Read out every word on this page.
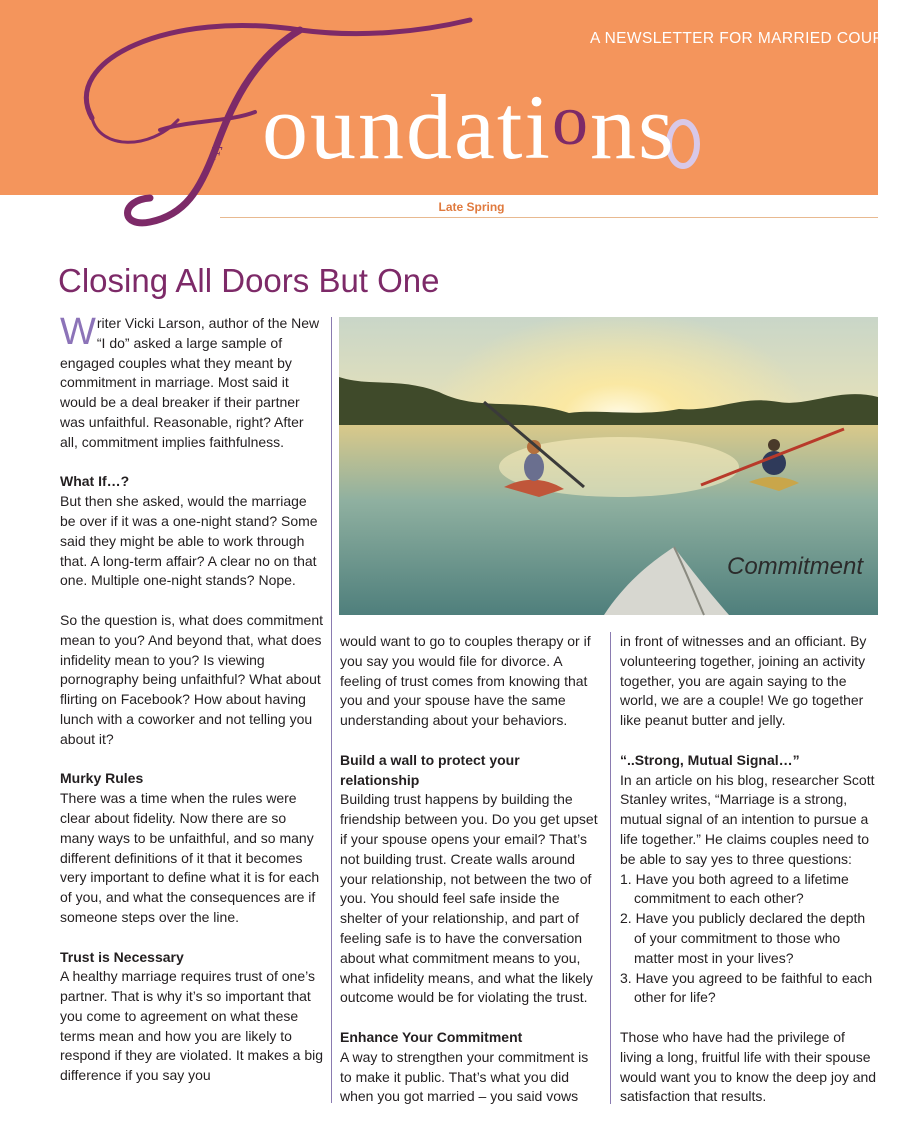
A NEWSLETTER FOR MARRIED COUPLES
F oundations
Late Spring
Closing All Doors But One

Writer Vicki Larson, author of the New “I do” asked a large sample of engaged couples what they meant by commitment in marriage. Most said it would be a deal breaker if their partner was unfaithful. Reasonable, right? After all, commitment implies faithfulness.

What If…?

But then she asked, would the marriage be over if it was a one-night stand? Some said they might be able to work through that. A long-term affair? A clear no on that one. Multiple one-night stands? Nope.

So the question is, what does commitment mean to you? And beyond that, what does infidelity mean to you? Is viewing pornography being unfaithful? What about flirting on Facebook? How about having lunch with a coworker and not telling you about it?

Murky Rules

There was a time when the rules were clear about fidelity. Now there are so many ways to be unfaithful, and so many different definitions of it that it becomes very important to define what it is for each of you, and what the consequences are if someone steps over the line.

Trust is Necessary

A healthy marriage requires trust of one’s partner. That is why it’s so important that you come to agreement on what these terms mean and how you are likely to respond if they are violated. It makes a big difference if you say you

Commitment

would want to go to couples therapy or if you say you would file for divorce. A feeling of trust comes from knowing that you and your spouse have the same understanding about your behaviors.

Build a wall to protect your relationship

Building trust happens by building the friendship between you. Do you get upset if your spouse opens your email? That’s not building trust. Create walls around your relationship, not between the two of you. You should feel safe inside the shelter of your relationship, and part of feeling safe is to have the conversation about what commitment means to you, what infidelity means, and what the likely outcome would be for violating the trust.

Enhance Your Commitment

A way to strengthen your commitment is to make it public. That’s what you did when you got married – you said vows

in front of witnesses and an officiant. By volunteering together, joining an activity together, you are again saying to the world, we are a couple! We go together like peanut butter and jelly.

“..Strong, Mutual Signal…”

In an article on his blog, researcher Scott Stanley writes, “Marriage is a strong, mutual signal of an intention to pursue a life together.” He claims couples need to be able to say yes to three questions:

1. Have you both agreed to a lifetime commitment to each other?
2. Have you publicly declared the depth of your commitment to those who matter most in your lives?
3. Have you agreed to be faithful to each other for life?

Those who have had the privilege of living a long, fruitful life with their spouse would want you to know the deep joy and satisfaction that results.
